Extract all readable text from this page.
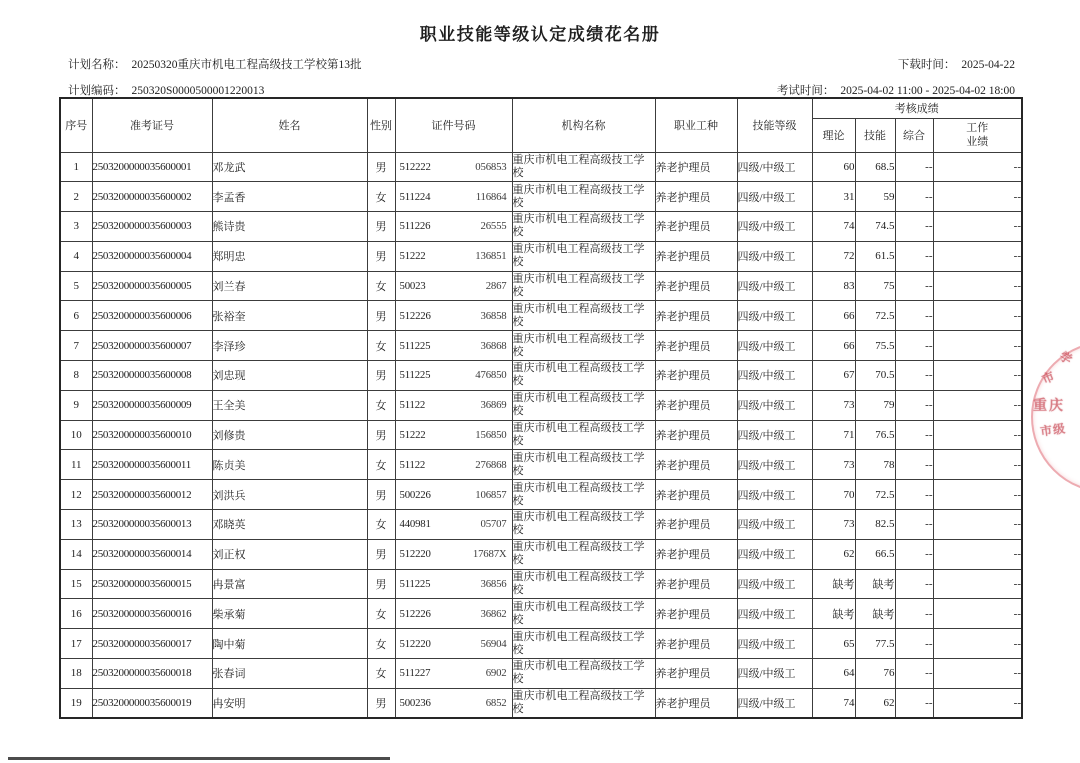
职业技能等级认定成绩花名册
计划名称： 20250320重庆市机电工程高级技工学校第13批
计划编码： 250320S0000500001220013
下载时间： 2025-04-22
考试时间： 2025-04-02 11:00 - 2025-04-02 18:00
序号	准考证号	姓名	性别	证件号码	机构名称	职业工种	技能等级	考核成绩			
								理论	技能	综合	工作业绩
1	2503200000035600001	邓龙武	男	512222 056853	重庆市机电工程高级技工学校	养老护理员	四级/中级工	60	68.5	--	--
2	2503200000035600002	李孟香	女	511224 116864	重庆市机电工程高级技工学校	养老护理员	四级/中级工	31	59	--	--
3	2503200000035600003	熊诗贵	男	511226 26555	重庆市机电工程高级技工学校	养老护理员	四级/中级工	74	74.5	--	--
4	2503200000035600004	郑明忠	男	51222 136851	重庆市机电工程高级技工学校	养老护理员	四级/中级工	72	61.5	--	--
5	2503200000035600005	刘兰春	女	50023 2867	重庆市机电工程高级技工学校	养老护理员	四级/中级工	83	75	--	--
6	2503200000035600006	张裕奎	男	512226 36858	重庆市机电工程高级技工学校	养老护理员	四级/中级工	66	72.5	--	--
7	2503200000035600007	李泽珍	女	511225 36868	重庆市机电工程高级技工学校	养老护理员	四级/中级工	66	75.5	--	--
8	2503200000035600008	刘忠现	男	511225 476850	重庆市机电工程高级技工学校	养老护理员	四级/中级工	67	70.5	--	--
9	2503200000035600009	王全美	女	51122 36869	重庆市机电工程高级技工学校	养老护理员	四级/中级工	73	79	--	--
10	2503200000035600010	刘修贵	男	51222 156850	重庆市机电工程高级技工学校	养老护理员	四级/中级工	71	76.5	--	--
11	2503200000035600011	陈贞美	女	51122 276868	重庆市机电工程高级技工学校	养老护理员	四级/中级工	73	78	--	--
12	2503200000035600012	刘洪兵	男	500226 106857	重庆市机电工程高级技工学校	养老护理员	四级/中级工	70	72.5	--	--
13	2503200000035600013	邓晓英	女	440981 05707	重庆市机电工程高级技工学校	养老护理员	四级/中级工	73	82.5	--	--
14	2503200000035600014	刘正权	男	512220 17687X	重庆市机电工程高级技工学校	养老护理员	四级/中级工	62	66.5	--	--
15	2503200000035600015	冉景富	男	511225 36856	重庆市机电工程高级技工学校	养老护理员	四级/中级工	缺考	缺考	--	--
16	2503200000035600016	柴承菊	女	512226 36862	重庆市机电工程高级技工学校	养老护理员	四级/中级工	缺考	缺考	--	--
17	2503200000035600017	陶中菊	女	512220 56904	重庆市机电工程高级技工学校	养老护理员	四级/中级工	65	77.5	--	--
18	2503200000035600018	张春词	女	511227 6902	重庆市机电工程高级技工学校	养老护理员	四级/中级工	64	76	--	--
19	2503200000035600019	冉安明	男	500236 6852	重庆市机电工程高级技工学校	养老护理员	四级/中级工	74	62	--	--
学
市
重庆
市级
